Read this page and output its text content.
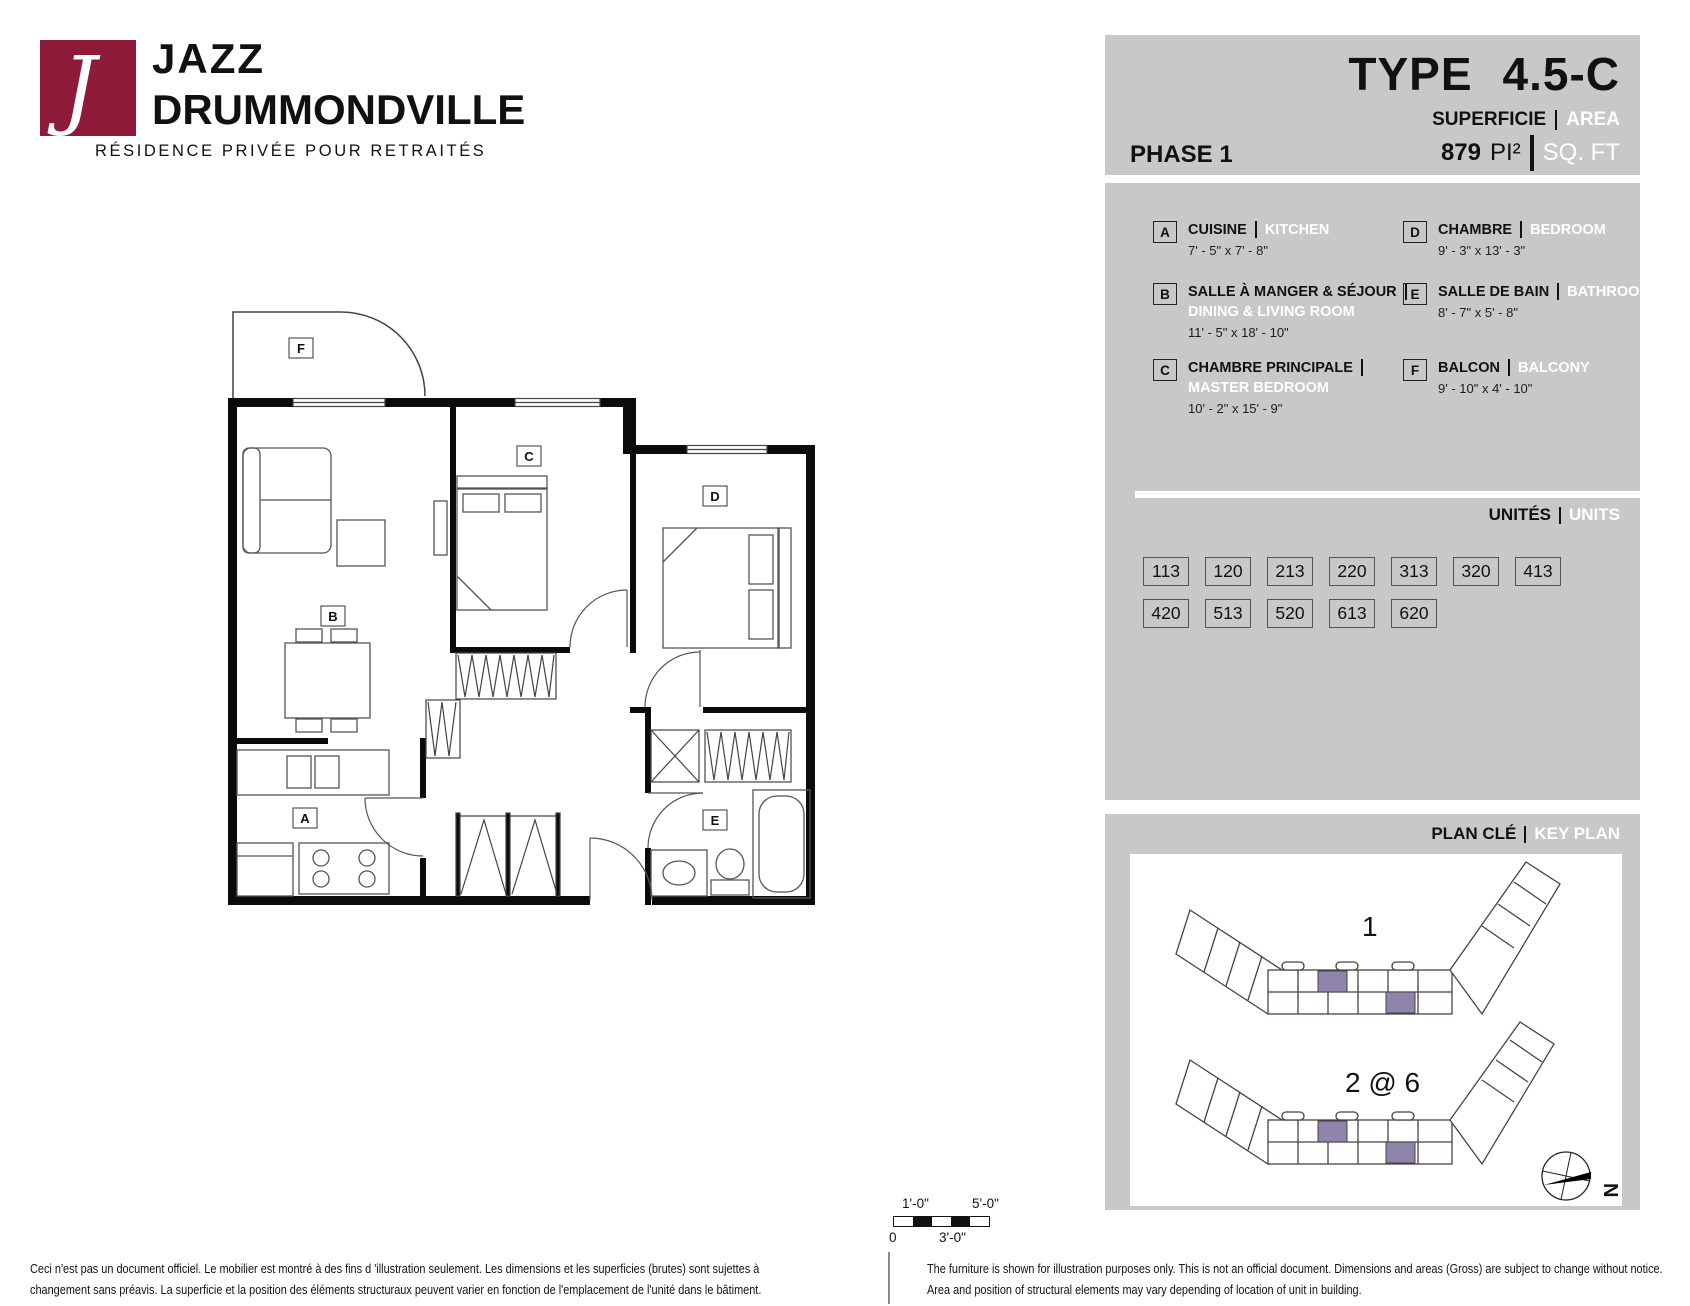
J JAZZ
DRUMMONDVILLE
RÉSIDENCE PRIVÉE POUR RETRAITÉS
TYPE 4.5-C
SUPERFICIE AREA
PHASE 1	879 PI² SQ. FT
A	CUISINE KITCHEN
7' - 5" x 7' - 8"
B	SALLE À MANGER & SÉJOUR
DINING & LIVING ROOM
11' - 5" x 18' - 10"
C	CHAMBRE PRINCIPALE
MASTER BEDROOM
10' - 2" x 15' - 9"
D	CHAMBRE BEDROOM
9' - 3" x 13' - 3"
E	SALLE DE BAIN BATHROOM
8' - 7" x 5' - 8"
F	BALCON BALCONY
9' - 10" x 4' - 10"
UNITÉS UNITS
113	120	213	220	313	320	413
420	513	520	613	620
PLAN CLÉ KEY PLAN
1
2 @ 6
N
F
C
D
B
A	E
1'-0"	5'-0"
0	3'-0"
Ceci n'est pas un document officiel. Le mobilier est montré à des fins d 'illustration seulement. Les dimensions et les superficies (brutes) sont sujettes à
changement sans préavis. La superficie et la position des éléments structuraux peuvent varier en fonction de l'emplacement de l'unité dans le bâtiment.
The furniture is shown for illustration purposes only. This is not an official document. Dimensions and areas (Gross) are subject to change without notice.
Area and position of structural elements may vary depending of location of unit in building.
